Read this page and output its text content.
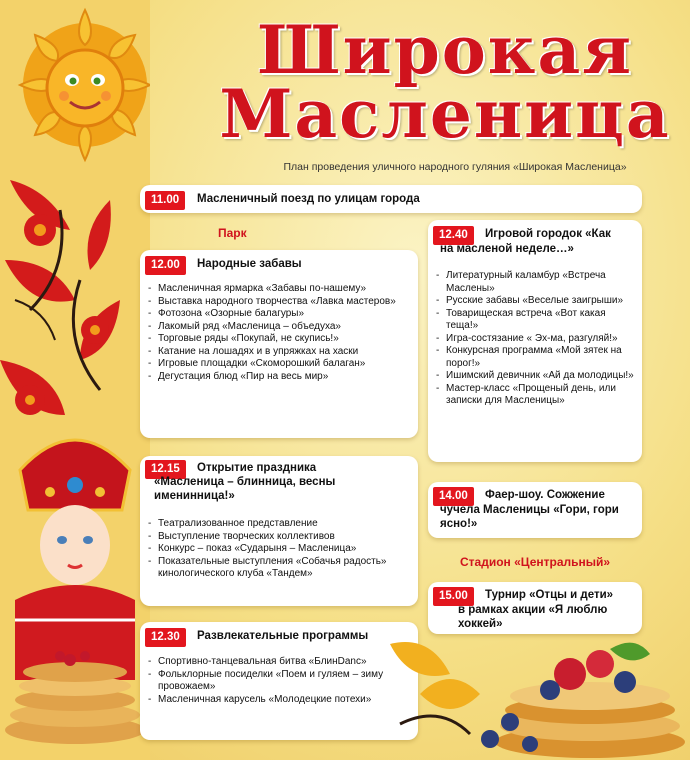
Широкая
Масленица
План проведения уличного народного гуляния «Широкая Масленица»
11.00	Масленичный поезд по улицам города
Парк
12.00	Народные забавы
- Масленичная ярмарка «Забавы по-нашему»
- Выставка народного творчества «Лавка мастеров»
- Фотозона «Озорные балагуры»
- Лакомый ряд «Масленица – объедуха»
- Торговые ряды «Покупай, не скупись!»
- Катание на лошадях и в упряжках на хаски
- Игровые площадки «Скоморошкий балаган»
- Дегустация блюд «Пир на весь мир»
12.15	Открытие праздника
«Масленица – блинница, весны именинница!»
- Театрализованное представление
- Выступление творческих коллективов
- Конкурс – показ «Сударыня – Масленица»
- Показательные выступления «Собачья радость» кинологического клуба «Тандем»
12.30	Развлекательные программы
- Спортивно-танцевальная битва «БлинDanc»
- Фольклорные посиделки «Поем и гуляем – зиму провожаем»
- Масленичная карусель «Молодецкие потехи»
12.40	Игровой городок «Как
на масленой неделе…»
- Литературный каламбур «Встреча Маслены»
- Русские забавы «Веселые заигрыши»
- Товарищеская встреча «Вот какая теща!»
- Игра-состязание « Эх-ма, разгуляй!»
- Конкурсная программа «Мой зятек на порог!»
- Ишимский девичник «Ай да молодицы!»
- Мастер-класс «Прощеный день, или записки для Масленицы»
14.00	Фаер-шоу. Сожжение
чучела Масленицы «Гори, гори ясно!»
Стадион «Центральный»
15.00	Турнир «Отцы и дети»
в рамках акции «Я люблю хоккей»
